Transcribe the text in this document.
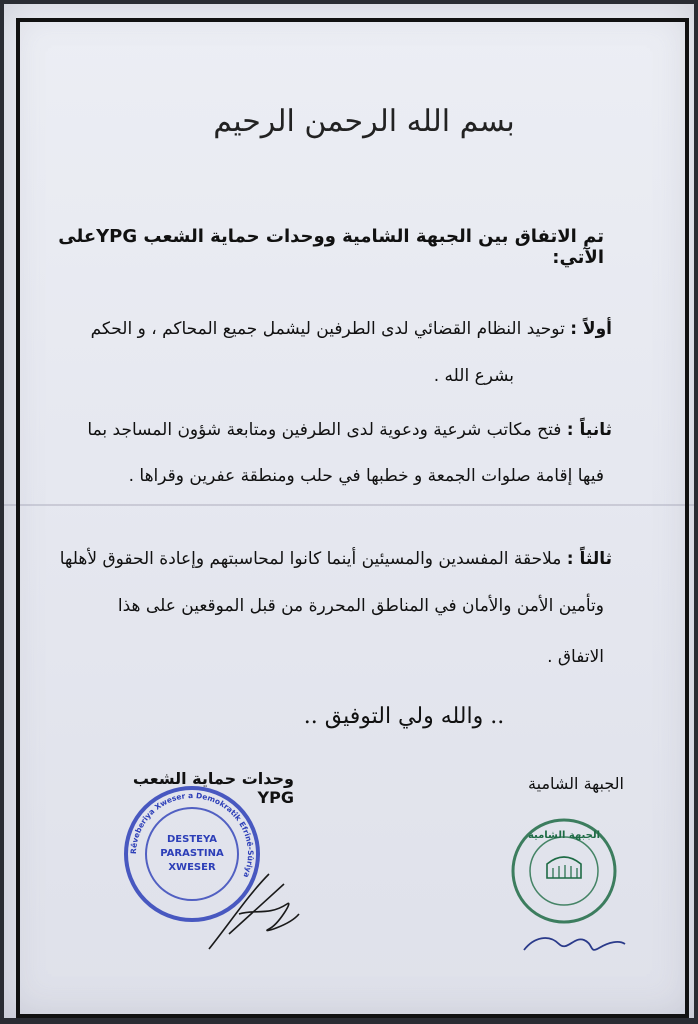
بسم الله الرحمن الرحيم
تم الاتفاق بين الجبهة الشامية ووحدات حماية الشعب YPGعلى الآتي:
أولاً : توحيد النظام القضائي لدى الطرفين ليشمل جميع المحاكم ، و الحكم
بشرع الله .
ثانياً : فتح مكاتب شرعية ودعوية لدى الطرفين ومتابعة شؤون المساجد بما
فيها إقامة صلوات الجمعة و خطبها في حلب ومنطقة عفرين وقراها .
ثالثاً : ملاحقة المفسدين والمسيئين أينما كانوا لمحاسبتهم وإعادة الحقوق لأهلها
وتأمين الأمن والأمان في المناطق المحررة من قبل الموقعين على هذا
الاتفاق .
.. والله ولي التوفيق ..
وحدات حماية الشعب YPG
الجبهة الشامية
Rêveberiya Xweser a Demokratîk Efrînê-Sûriya
DESTEYA
PARASTINA
XWESER
الجبهة الشامية
